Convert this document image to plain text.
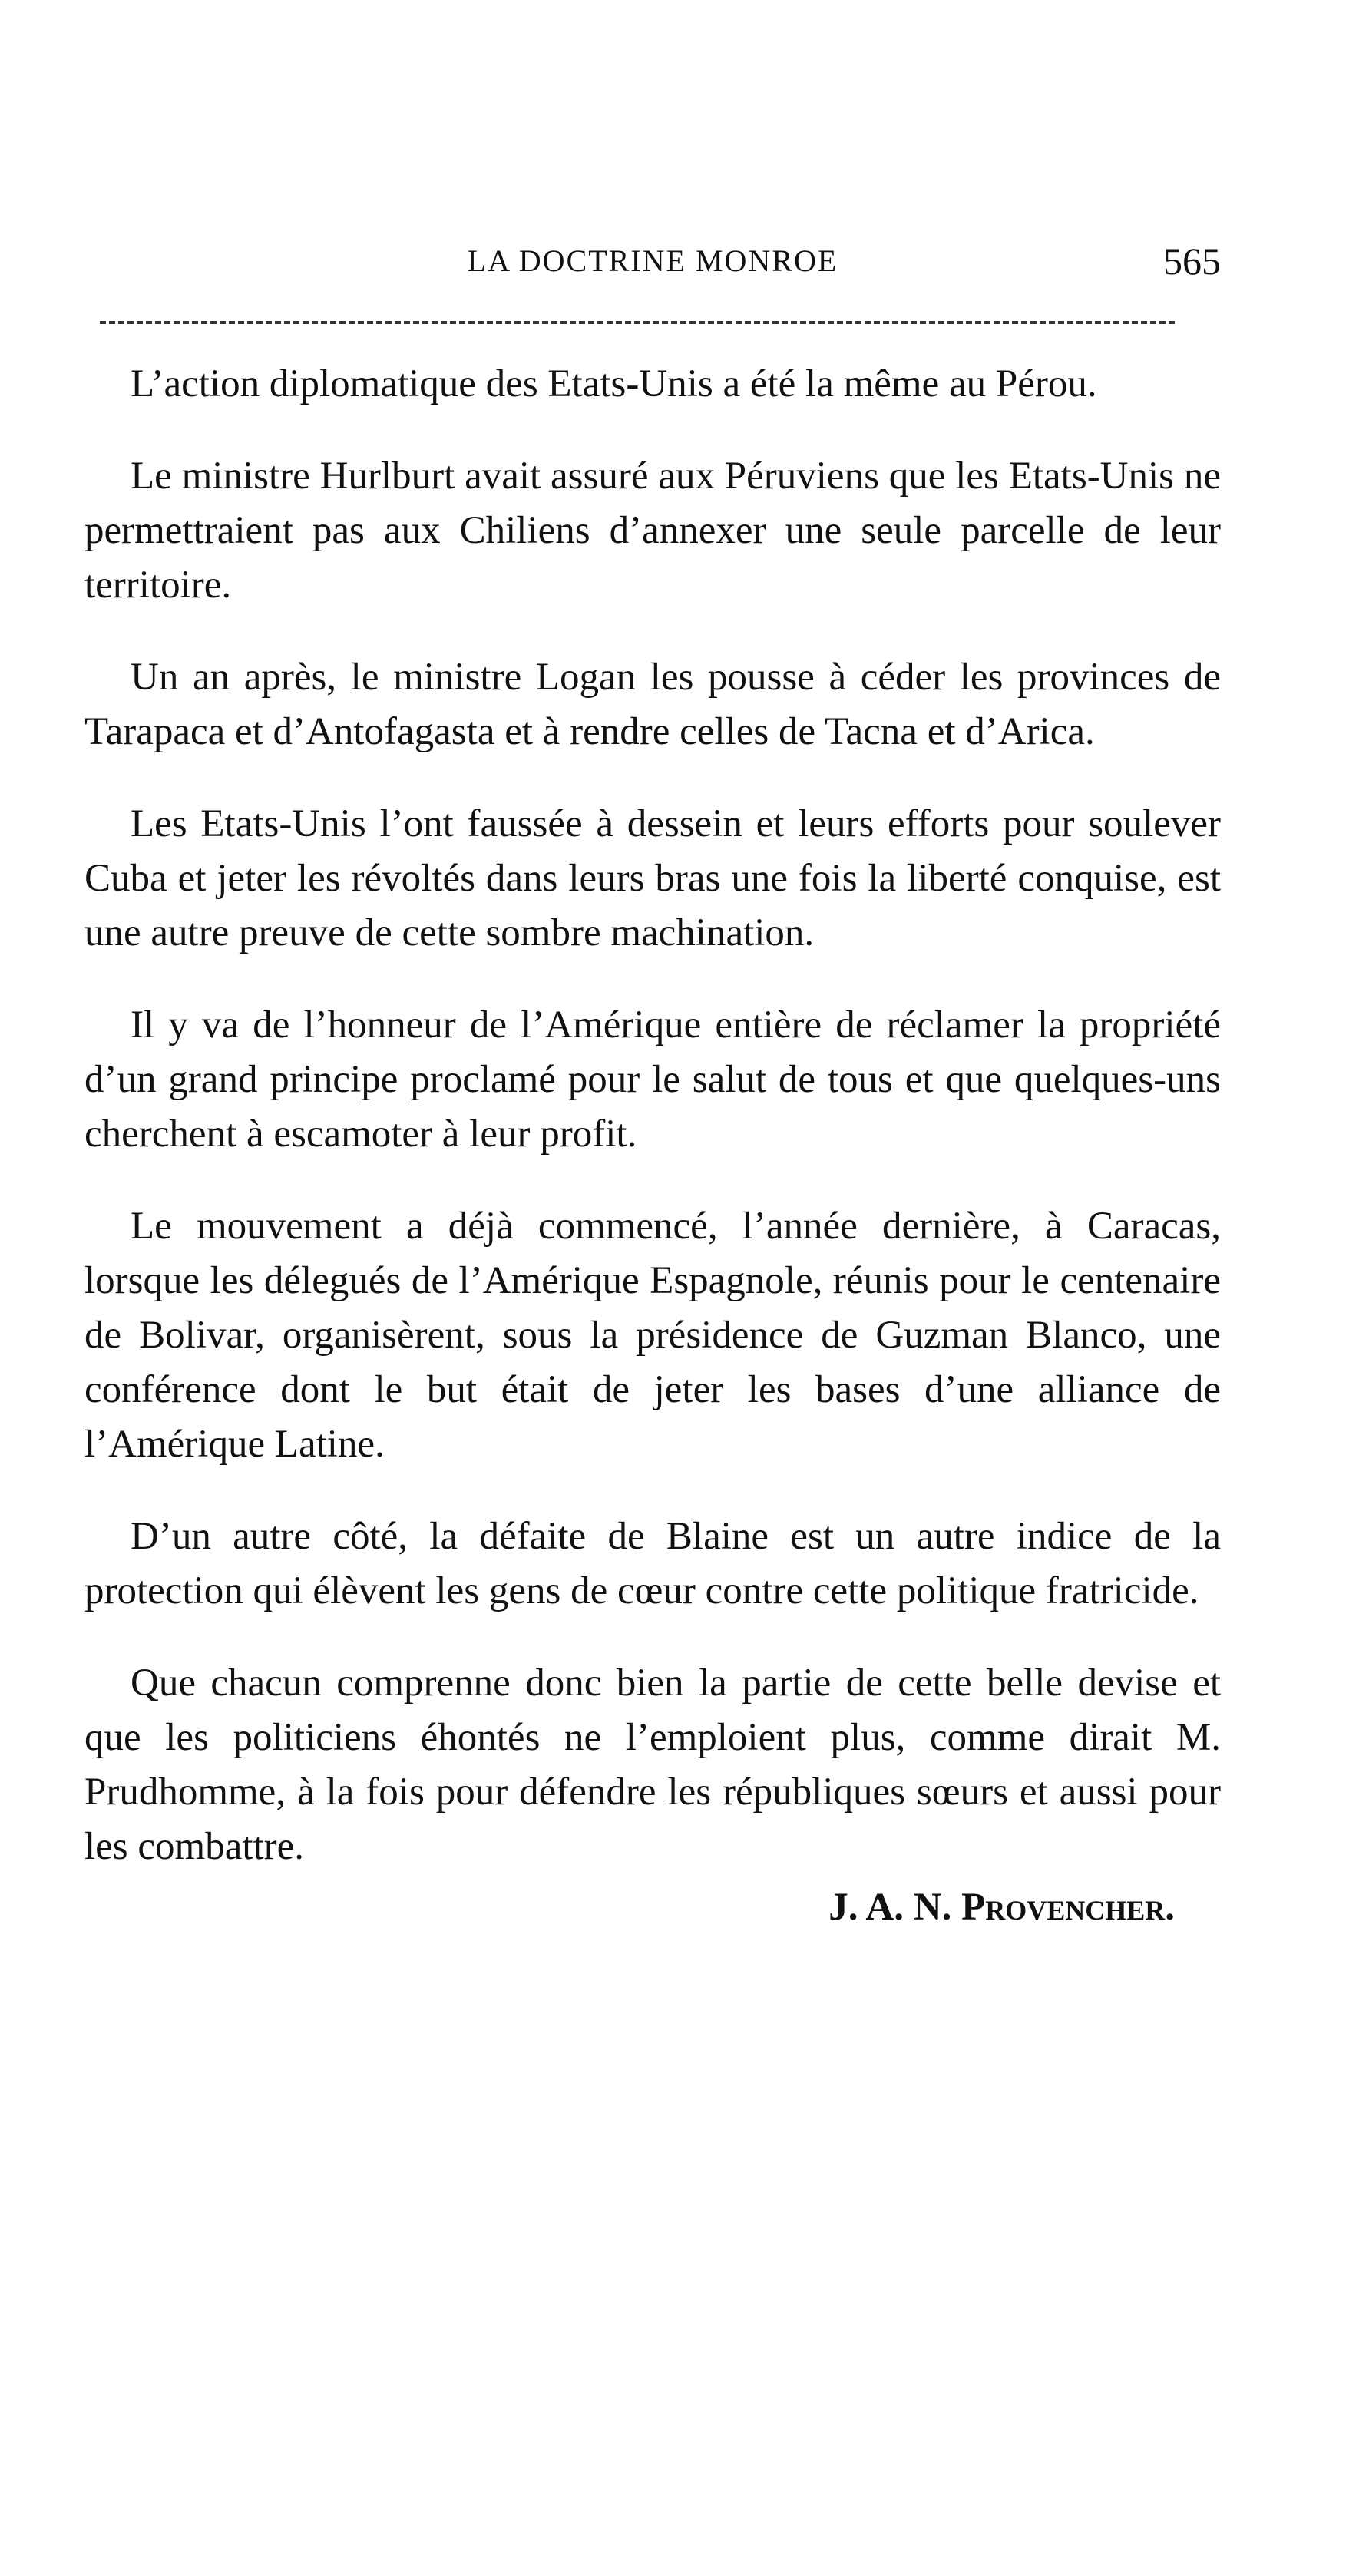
LA DOCTRINE MONROE	565

L’action diplomatique des Etats-Unis a été la même au Pérou.

Le ministre Hurlburt avait assuré aux Péruviens que les Etats-Unis ne permettraient pas aux Chiliens d’annexer une seule parcelle de leur territoire.

Un an après, le ministre Logan les pousse à céder les provinces de Tarapaca et d’Antofagasta et à rendre celles de Tacna et d’Arica.

Les Etats-Unis l’ont faussée à dessein et leurs efforts pour soulever Cuba et jeter les révoltés dans leurs bras une fois la liberté conquise, est une autre preuve de cette sombre machination.

Il y va de l’honneur de l’Amérique entière de réclamer la propriété d’un grand principe proclamé pour le salut de tous et que quelques-uns cherchent à escamoter à leur profit.

Le mouvement a déjà commencé, l’année dernière, à Caracas, lorsque les délegués de l’Amérique Espagnole, réunis pour le centenaire de Bolivar, organisèrent, sous la présidence de Guzman Blanco, une conférence dont le but était de jeter les bases d’une alliance de l’Amérique Latine.

D’un autre côté, la défaite de Blaine est un autre indice de la protection qui élèvent les gens de cœur contre cette politique fratricide.

Que chacun comprenne donc bien la partie de cette belle devise et que les politiciens éhontés ne l’emploient plus, comme dirait M. Prudhomme, à la fois pour défendre les républiques sœurs et aussi pour les combattre.

J. A. N. Provencher.
